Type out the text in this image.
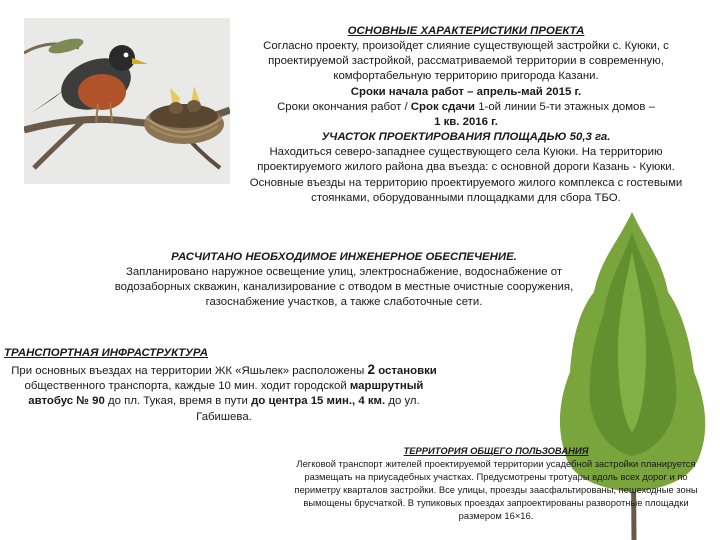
ОСНОВНЫЕ ХАРАКТЕРИСТИКИ ПРОЕКТА
Согласно проекту, произойдет слияние существующей застройки с. Куюки, с проектируемой застройкой, рассматриваемой территории в современную, комфортабельную территорию пригорода Казани.
Сроки начала работ – апрель-май 2015 г.
Сроки окончания работ / Срок сдачи 1-ой линии 5-ти этажных домов –
1 кв. 2016 г.
УЧАСТОК ПРОЕКТИРОВАНИЯ ПЛОЩАДЬЮ 50,3 га.
Находиться северо-западнее существующего села Куюки. На территорию проектируемого жилого района два въезда: с основной дороги Казань - Куюки. Основные въезды на территорию проектируемого жилого комплекса с гостевыми стоянками, оборудованными площадками для сбора ТБО.
РАСЧИТАНО НЕОБХОДИМОЕ ИНЖЕНЕРНОЕ ОБЕСПЕЧЕНИЕ.
Запланировано наружное освещение улиц, электроснабжение, водоснабжение от водозаборных скважин, канализирование с отводом в местные очистные сооружения, газоснабжение участков, а также слаботочные сети.
ТРАНСПОРТНАЯ ИНФРАСТРУКТУРА
При основных въездах на территории ЖК «Яшьлек» расположены 2 остановки общественного транспорта, каждые 10 мин. ходит городской маршрутный автобус № 90 до пл. Тукая, время в пути до центра 15 мин., 4 км. до ул. Габишева.
ТЕРРИТОРИЯ ОБЩЕГО ПОЛЬЗОВАНИЯ
Легковой транспорт жителей проектируемой территории усадебной застройки планируется размещать на приусадебных участках. Предусмотрены тротуары вдоль всех дорог и по периметру кварталов застройки. Все улицы, проезды заасфальтированы, пешеходные зоны вымощены брусчаткой. В тупиковых проездах запроектированы разворотные площадки размером 16×16.
